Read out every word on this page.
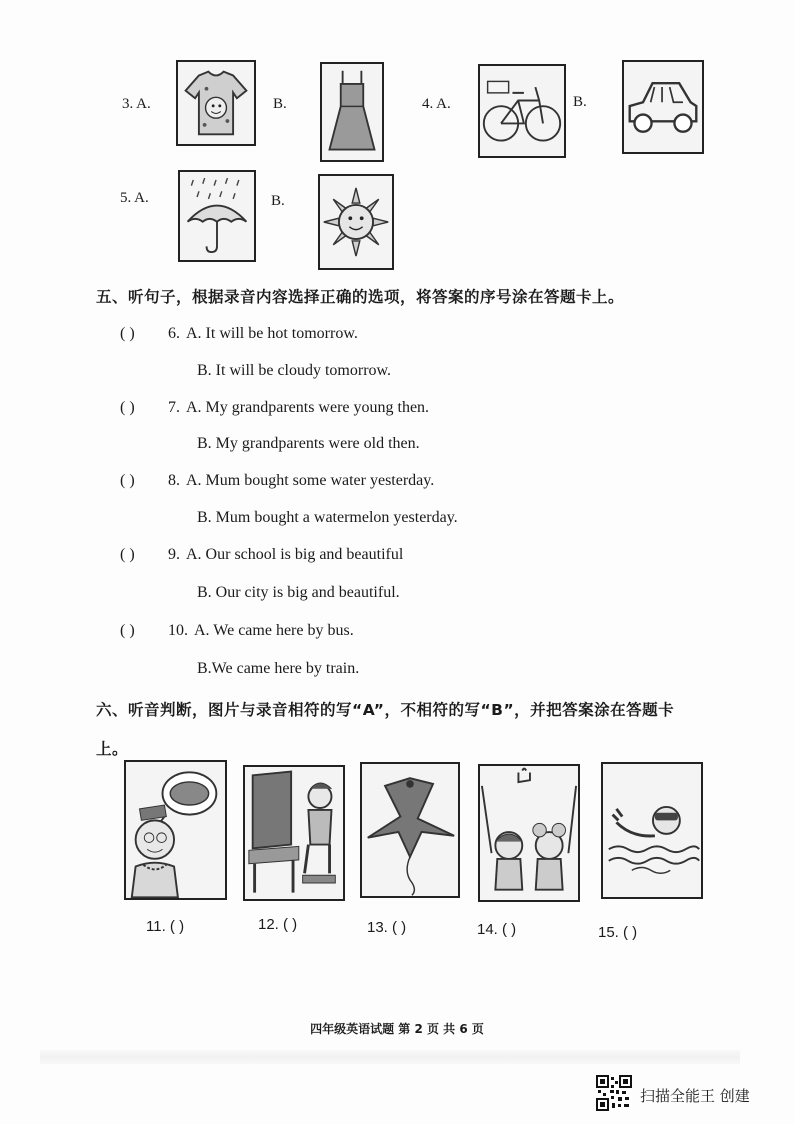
3. A.	B.	4. A.	B.
5. A.	B.
五、听句子，根据录音内容选择正确的选项，将答案的序号涂在答题卡上。
( ) 6. A. It will be hot tomorrow.
B. It will be cloudy tomorrow.
( ) 7. A. My grandparents were young then.
B. My grandparents were old then.
( ) 8. A. Mum bought some water yesterday.
B. Mum bought a watermelon yesterday.
( ) 9. A. Our school is big and beautiful
B. Our city is big and beautiful.
( ) 10. A. We came here by bus.
B.We came here by train.
六、听音判断，图片与录音相符的写“A”，不相符的写“B”，并把答案涂在答题卡
上。
11. ( )	12. ( )	13. ( )	14. ( )	15. ( )
四年级英语试题 第 2 页 共 6 页
扫描全能王 创建
